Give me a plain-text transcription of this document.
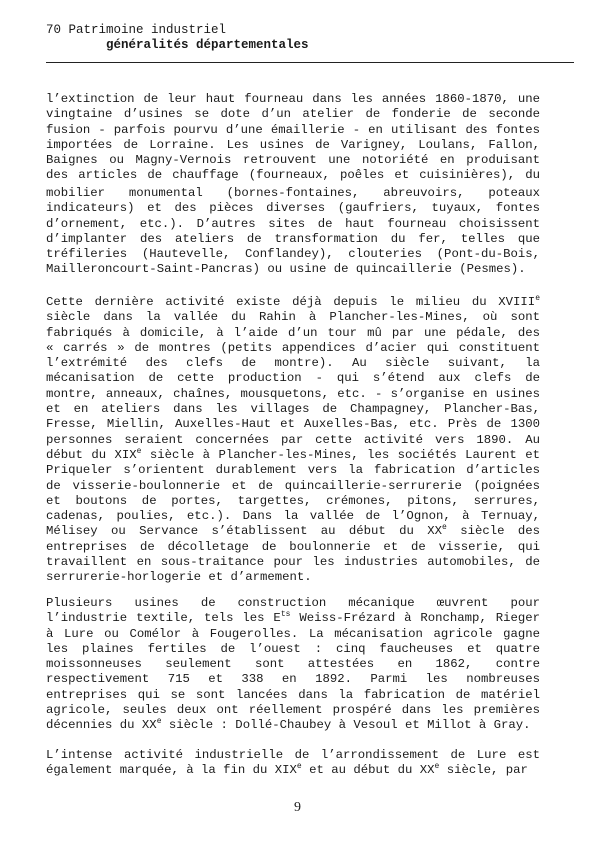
70 Patrimoine industriel
généralités départementales
l’extinction de leur haut fourneau dans les années 1860-1870, une
vingtaine d’usines se dote d’un atelier de fonderie de seconde
fusion - parfois pourvu d’une émaillerie - en utilisant des fontes
importées de Lorraine. Les usines de Varigney, Loulans, Fallon,
Baignes ou Magny-Vernois retrouvent une notoriété en produisant
des articles de chauffage (fourneaux, poêles et cuisinières), du
mobilier monumental (bornes-fontaines, abreuvoirs, poteaux
indicateurs) et des pièces diverses (gaufriers, tuyaux, fontes
d’ornement, etc.). D’autres sites de haut fourneau choisissent
d’implanter des ateliers de transformation du fer, telles que
tréfileries (Hautevelle, Conflandey), clouteries (Pont-du-Bois,
Mailleroncourt-Saint-Pancras) ou usine de quincaillerie (Pesmes).
Cette dernière activité existe déjà depuis le milieu du XVIIIe
siècle dans la vallée du Rahin à Plancher-les-Mines, où sont
fabriqués à domicile, à l’aide d’un tour mû par une pédale, des
« carrés » de montres (petits appendices d’acier qui constituent
l’extrémité des clefs de montre). Au siècle suivant, la
mécanisation de cette production - qui s’étend aux clefs de
montre, anneaux, chaînes, mousquetons, etc. - s’organise en usines
et en ateliers dans les villages de Champagney, Plancher-Bas,
Fresse, Miellin, Auxelles-Haut et Auxelles-Bas, etc. Près de 1300
personnes seraient concernées par cette activité vers 1890. Au
début du XIXe siècle à Plancher-les-Mines, les sociétés Laurent et
Priqueler s’orientent durablement vers la fabrication d’articles
de visserie-boulonnerie et de quincaillerie-serrurerie (poignées
et boutons de portes, targettes, crémones, pitons, serrures,
cadenas, poulies, etc.). Dans la vallée de l’Ognon, à Ternuay,
Mélisey ou Servance s’établissent au début du XXe siècle des
entreprises de décolletage de boulonnerie et de visserie, qui
travaillent en sous-traitance pour les industries automobiles, de
serrurerie-horlogerie et d’armement.
Plusieurs usines de construction mécanique œuvrent pour
l’industrie textile, tels les $E^{ts}$ Weiss-Frézard à Ronchamp, Rieger
à Lure ou Comélor à Fougerolles. La mécanisation agricole gagne
les plaines fertiles de l’ouest : cinq faucheuses et quatre
moissonneuses seulement sont attestées en 1862, contre
respectivement 715 et 338 en 1892. Parmi les nombreuses
entreprises qui se sont lancées dans la fabrication de matériel
agricole, seules deux ont réellement prospéré dans les premières
décennies du XXe siècle : Dollé-Chaubey à Vesoul et Millot à Gray.
L’intense activité industrielle de l’arrondissement de Lure est
également marquée, à la fin du XIXe et au début du XXe siècle, par
9
